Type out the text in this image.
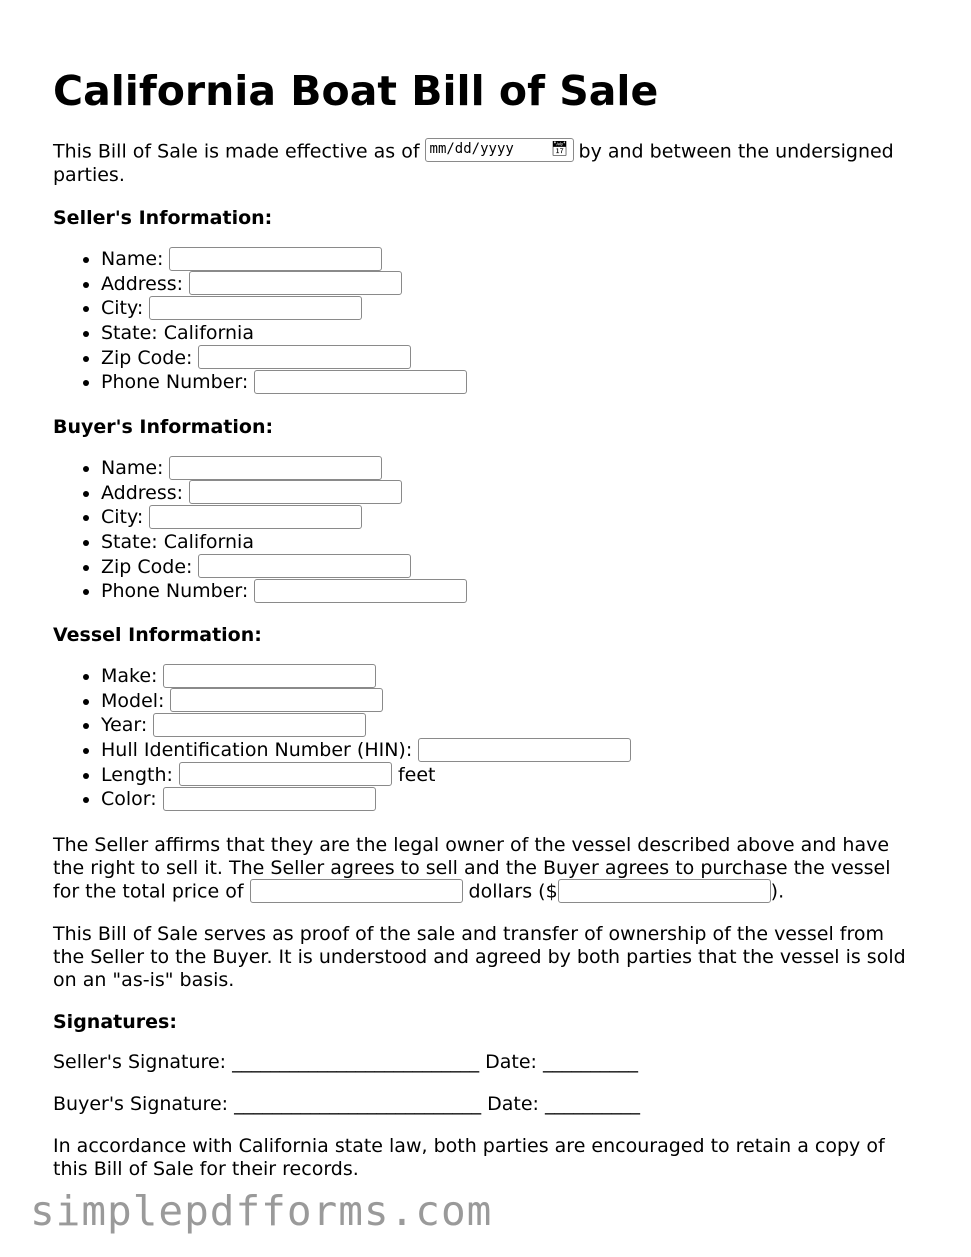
California Boat Bill of Sale

This Bill of Sale is made effective as of mm/dd/yyyy	📅︎ by and between the undersigned parties.

Seller's Information:

• Name:
• Address:
• City:
• State: California
• Zip Code:
• Phone Number:

Buyer's Information:

• Name:
• Address:
• City:
• State: California
• Zip Code:
• Phone Number:

Vessel Information:

• Make:
• Model:
• Year:
• Hull Identification Number (HIN):
• Length:	feet
• Color:

The Seller affirms that they are the legal owner of the vessel described above and have the right to sell it. The Seller agrees to sell and the Buyer agrees to purchase the vessel for the total price of	dollars ($	).

This Bill of Sale serves as proof of the sale and transfer of ownership of the vessel from the Seller to the Buyer. It is understood and agreed by both parties that the vessel is sold on an "as-is" basis.

Signatures:

Seller's Signature: __________________________ Date: __________

Buyer's Signature: __________________________ Date: __________

In accordance with California state law, both parties are encouraged to retain a copy of this Bill of Sale for their records.

simplepdfforms.com
